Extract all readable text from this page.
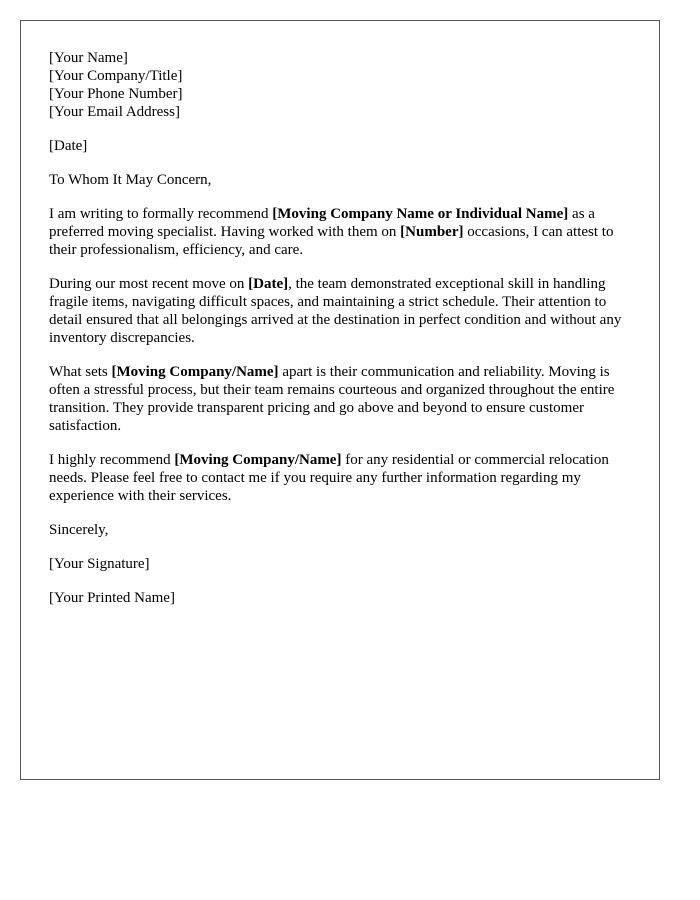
[Your Name]
[Your Company/Title]
[Your Phone Number]
[Your Email Address]

[Date]

To Whom It May Concern,

I am writing to formally recommend [Moving Company Name or Individual Name] as a preferred moving specialist. Having worked with them on [Number] occasions, I can attest to their professionalism, efficiency, and care.

During our most recent move on [Date], the team demonstrated exceptional skill in handling fragile items, navigating difficult spaces, and maintaining a strict schedule. Their attention to detail ensured that all belongings arrived at the destination in perfect condition and without any inventory discrepancies.

What sets [Moving Company/Name] apart is their communication and reliability. Moving is often a stressful process, but their team remains courteous and organized throughout the entire transition. They provide transparent pricing and go above and beyond to ensure customer satisfaction.

I highly recommend [Moving Company/Name] for any residential or commercial relocation needs. Please feel free to contact me if you require any further information regarding my experience with their services.

Sincerely,

[Your Signature]

[Your Printed Name]
